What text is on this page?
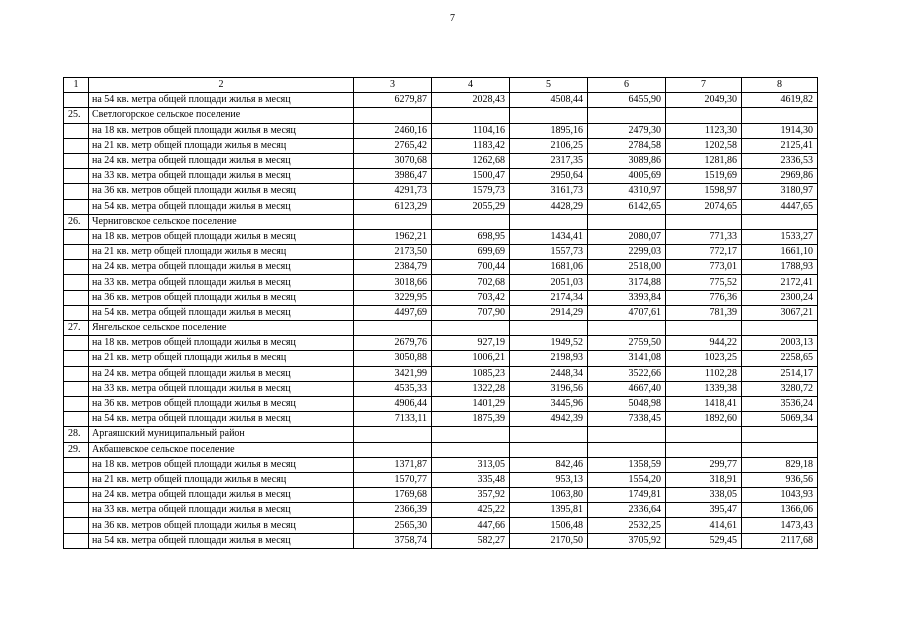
7
1	2	3	4	5	6	7	8
	на 54 кв. метра общей площади жилья в месяц	6279,87	2028,43	4508,44	6455,90	2049,30	4619,82
25.	Светлогорское сельское поселение						
	на 18 кв. метров общей площади жилья в месяц	2460,16	1104,16	1895,16	2479,30	1123,30	1914,30
	на 21 кв. метр общей площади жилья в месяц	2765,42	1183,42	2106,25	2784,58	1202,58	2125,41
	на 24 кв. метра общей площади жилья в месяц	3070,68	1262,68	2317,35	3089,86	1281,86	2336,53
	на 33 кв. метра общей площади жилья в месяц	3986,47	1500,47	2950,64	4005,69	1519,69	2969,86
	на 36 кв. метров общей площади жилья в месяц	4291,73	1579,73	3161,73	4310,97	1598,97	3180,97
	на 54 кв. метра общей площади жилья в месяц	6123,29	2055,29	4428,29	6142,65	2074,65	4447,65
26.	Черниговское сельское поселение						
	на 18 кв. метров общей площади жилья в месяц	1962,21	698,95	1434,41	2080,07	771,33	1533,27
	на 21 кв. метр общей площади жилья в месяц	2173,50	699,69	1557,73	2299,03	772,17	1661,10
	на 24 кв. метра общей площади жилья в месяц	2384,79	700,44	1681,06	2518,00	773,01	1788,93
	на 33 кв. метра общей площади жилья в месяц	3018,66	702,68	2051,03	3174,88	775,52	2172,41
	на 36 кв. метров общей площади жилья в месяц	3229,95	703,42	2174,34	3393,84	776,36	2300,24
	на 54 кв. метра общей площади жилья в месяц	4497,69	707,90	2914,29	4707,61	781,39	3067,21
27.	Янгельское сельское поселение						
	на 18 кв. метров общей площади жилья в месяц	2679,76	927,19	1949,52	2759,50	944,22	2003,13
	на 21 кв. метр общей площади жилья в месяц	3050,88	1006,21	2198,93	3141,08	1023,25	2258,65
	на 24 кв. метра общей площади жилья в месяц	3421,99	1085,23	2448,34	3522,66	1102,28	2514,17
	на 33 кв. метра общей площади жилья в месяц	4535,33	1322,28	3196,56	4667,40	1339,38	3280,72
	на 36 кв. метров общей площади жилья в месяц	4906,44	1401,29	3445,96	5048,98	1418,41	3536,24
	на 54 кв. метра общей площади жилья в месяц	7133,11	1875,39	4942,39	7338,45	1892,60	5069,34
28.	Аргаяшский муниципальный район						
29.	Акбашевское сельское поселение						
	на 18 кв. метров общей площади жилья в месяц	1371,87	313,05	842,46	1358,59	299,77	829,18
	на 21 кв. метр общей площади жилья в месяц	1570,77	335,48	953,13	1554,20	318,91	936,56
	на 24 кв. метра общей площади жилья в месяц	1769,68	357,92	1063,80	1749,81	338,05	1043,93
	на 33 кв. метра общей площади жилья в месяц	2366,39	425,22	1395,81	2336,64	395,47	1366,06
	на 36 кв. метров общей площади жилья в месяц	2565,30	447,66	1506,48	2532,25	414,61	1473,43
	на 54 кв. метра общей площади жилья в месяц	3758,74	582,27	2170,50	3705,92	529,45	2117,68
